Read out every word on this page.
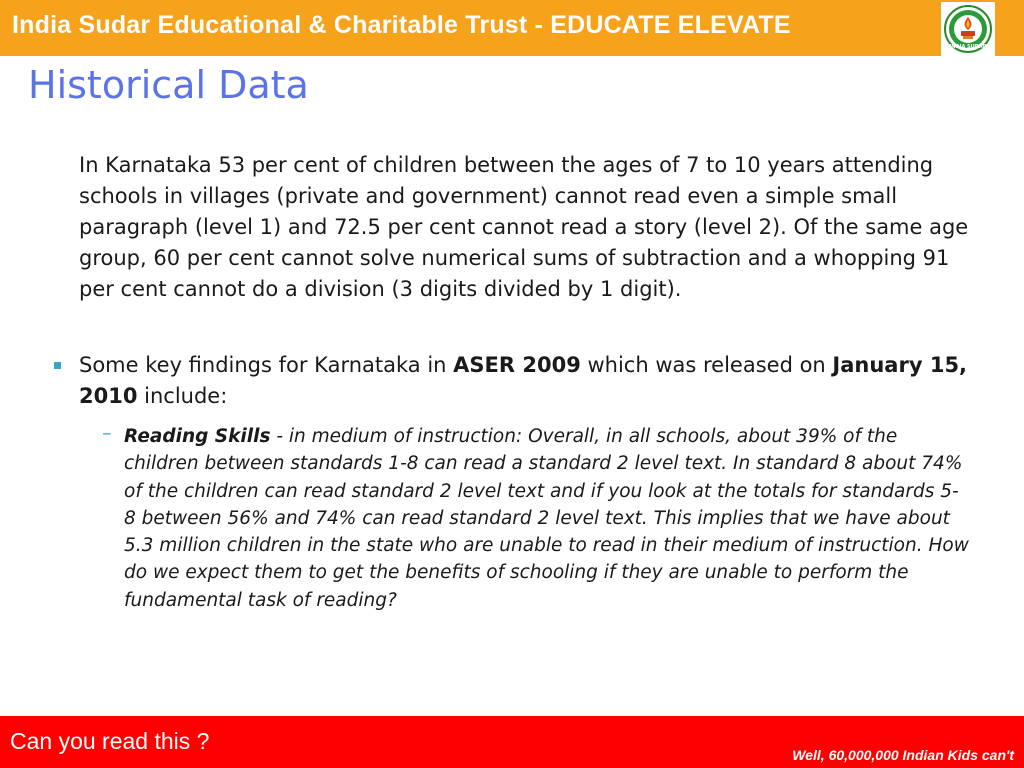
India Sudar Educational & Charitable Trust - EDUCATE ELEVATE
INDIA SUDAR
Historical Data
In Karnataka 53 per cent of children between the ages of 7 to 10 years attending schools in villages (private and government) cannot read even a simple small paragraph (level 1) and 72.5 per cent cannot read a story (level 2). Of the same age group, 60 per cent cannot solve numerical sums of subtraction and a whopping 91 per cent cannot do a division (3 digits divided by 1 digit).
Some key findings for Karnataka in ASER 2009 which was released on January 15, 2010 include:
– Reading Skills - in medium of instruction: Overall, in all schools, about 39% of the children between standards 1-8 can read a standard 2 level text. In standard 8 about 74% of the children can read standard 2 level text and if you look at the totals for standards 5-8 between 56% and 74% can read standard 2 level text. This implies that we have about 5.3 million children in the state who are unable to read in their medium of instruction. How do we expect them to get the benefits of schooling if they are unable to perform the fundamental task of reading?
Can you read this ?
Well, 60,000,000 Indian Kids can't
